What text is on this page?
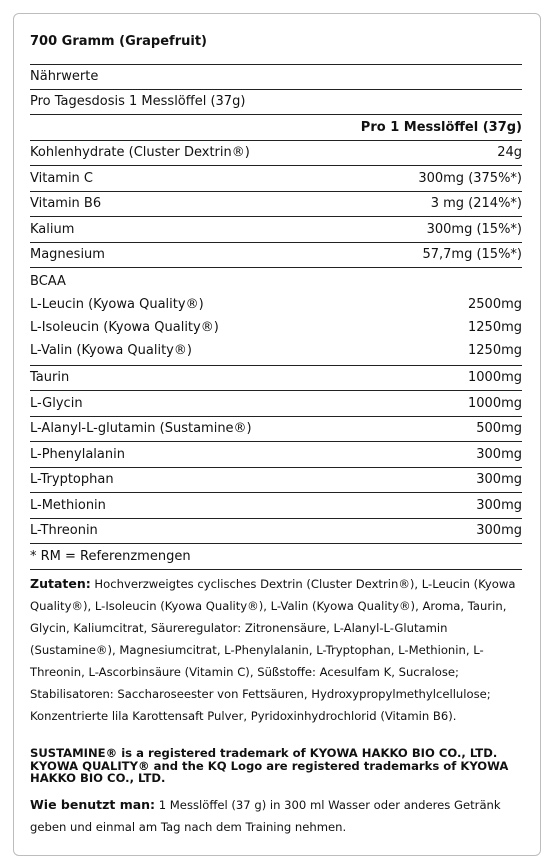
700 Gramm (Grapefruit)
Nährwerte
Pro Tagesdosis 1 Messlöffel (37g)
Pro 1 Messlöffel (37g)
Kohlenhydrate (Cluster Dextrin®)	24g
Vitamin C	300mg (375%*)
Vitamin B6	3 mg (214%*)
Kalium	300mg (15%*)
Magnesium	57,7mg (15%*)
BCAA
L-Leucin (Kyowa Quality®)	2500mg
L-Isoleucin (Kyowa Quality®)	1250mg
L-Valin (Kyowa Quality®)	1250mg
Taurin	1000mg
L-Glycin	1000mg
L-Alanyl-L-glutamin (Sustamine®)	500mg
L-Phenylalanin	300mg
L-Tryptophan	300mg
L-Methionin	300mg
L-Threonin	300mg
* RM = Referenzmengen
Zutaten: Hochverzweigtes cyclisches Dextrin (Cluster Dextrin®), L-Leucin (Kyowa Quality®), L-Isoleucin (Kyowa Quality®), L-Valin (Kyowa Quality®), Aroma, Taurin, Glycin, Kaliumcitrat, Säureregulator: Zitronensäure, L-Alanyl-L-Glutamin (Sustamine®), Magnesiumcitrat, L-Phenylalanin, L-Tryptophan, L-Methionin, L-Threonin, L-Ascorbinsäure (Vitamin C), Süßstoffe: Acesulfam K, Sucralose; Stabilisatoren: Saccharoseester von Fettsäuren, Hydroxypropylmethylcellulose; Konzentrierte lila Karottensaft Pulver, Pyridoxinhydrochlorid (Vitamin B6).
SUSTAMINE® is a registered trademark of KYOWA HAKKO BIO CO., LTD. KYOWA QUALITY® and the KQ Logo are registered trademarks of KYOWA HAKKO BIO CO., LTD.
Wie benutzt man: 1 Messlöffel (37 g) in 300 ml Wasser oder anderes Getränk geben und einmal am Tag nach dem Training nehmen.
